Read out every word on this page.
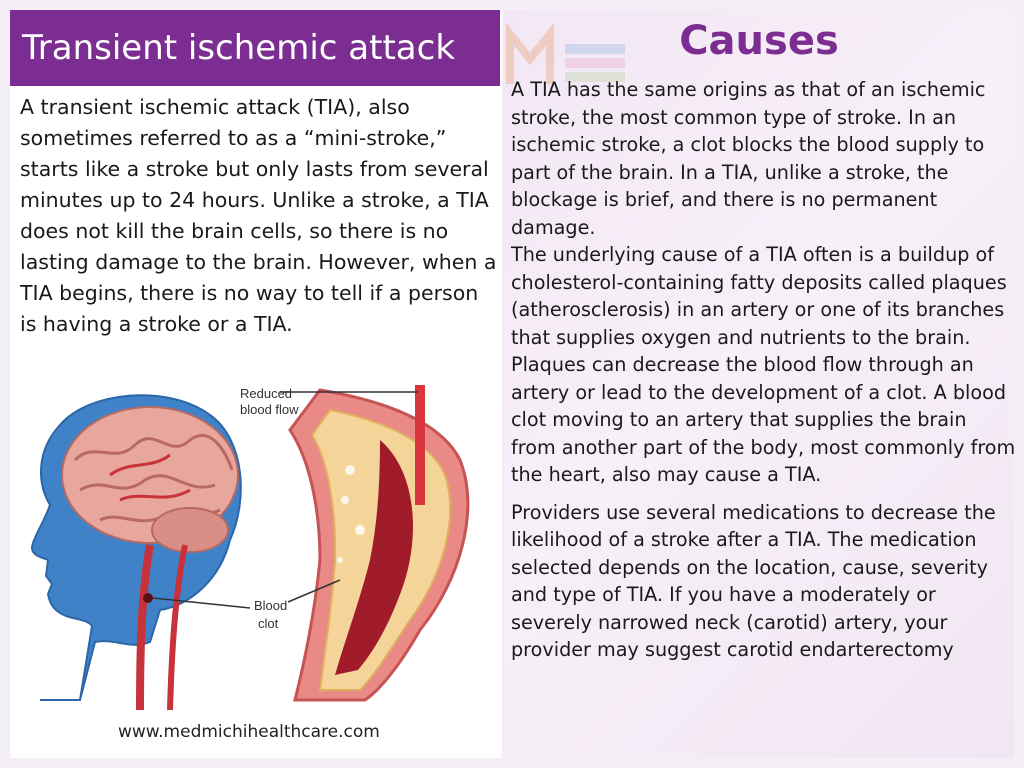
Transient ischemic attack

A transient ischemic attack (TIA), also sometimes referred to as a “mini-stroke,” starts like a stroke but only lasts from several minutes up to 24 hours. Unlike a stroke, a TIA does not kill the brain cells, so there is no lasting damage to the brain. However, when a TIA begins, there is no way to tell if a person is having a stroke or a TIA.

Reduced
blood flow
Blood
clot
www.medmichihealthcare.com
Causes

A TIA has the same origins as that of an ischemic stroke, the most common type of stroke. In an ischemic stroke, a clot blocks the blood supply to part of the brain. In a TIA, unlike a stroke, the blockage is brief, and there is no permanent damage.

The underlying cause of a TIA often is a buildup of cholesterol-containing fatty deposits called plaques (atherosclerosis) in an artery or one of its branches that supplies oxygen and nutrients to the brain.

Plaques can decrease the blood flow through an artery or lead to the development of a clot. A blood clot moving to an artery that supplies the brain from another part of the body, most commonly from the heart, also may cause a TIA.

Providers use several medications to decrease the likelihood of a stroke after a TIA. The medication selected depends on the location, cause, severity and type of TIA. If you have a moderately or severely narrowed neck (carotid) artery, your provider may suggest carotid endarterectomy
